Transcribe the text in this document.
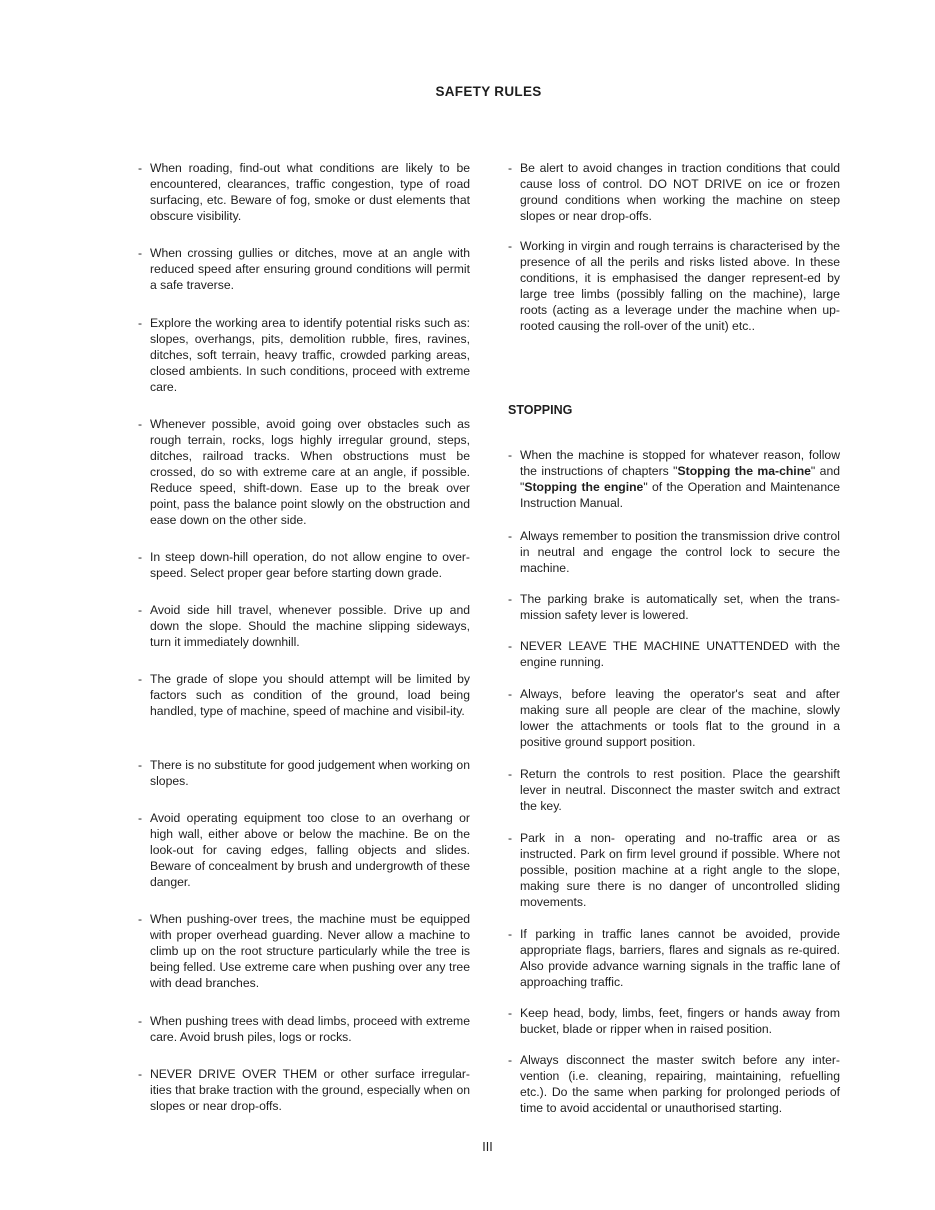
SAFETY RULES
- When roading, find-out what conditions are likely to be encountered, clearances, traffic congestion, type of road surfacing, etc. Beware of fog, smoke or dust elements that obscure visibility.
- When crossing gullies or ditches, move at an angle with reduced speed after ensuring ground conditions will permit a safe traverse.
- Explore the working area to identify potential risks such as: slopes, overhangs, pits, demolition rubble, fires, ravines, ditches, soft terrain, heavy traffic, crowded parking areas, closed ambients. In such conditions, proceed with extreme care.
- Whenever possible, avoid going over obstacles such as rough terrain, rocks, logs highly irregular ground, steps, ditches, railroad tracks. When obstructions must be crossed, do so with extreme care at an angle, if possible. Reduce speed, shift-down. Ease up to the break over point, pass the balance point slowly on the obstruction and ease down on the other side.
- In steep down-hill operation, do not allow engine to over-speed. Select proper gear before starting down grade.
- Avoid side hill travel, whenever possible. Drive up and down the slope. Should the machine slipping sideways, turn it immediately downhill.
- The grade of slope you should attempt will be limited by factors such as condition of the ground, load being handled, type of machine, speed of machine and visibil-ity.
- There is no substitute for good judgement when working on slopes.
- Avoid operating equipment too close to an overhang or high wall, either above or below the machine. Be on the look-out for caving edges, falling objects and slides. Beware of concealment by brush and undergrowth of these danger.
- When pushing-over trees, the machine must be equipped with proper overhead guarding. Never allow a machine to climb up on the root structure particularly while the tree is being felled. Use extreme care when pushing over any tree with dead branches.
- When pushing trees with dead limbs, proceed with extreme care. Avoid brush piles, logs or rocks.
- NEVER DRIVE OVER THEM or other surface irregular-ities that brake traction with the ground, especially when on slopes or near drop-offs.
- Be alert to avoid changes in traction conditions that could cause loss of control. DO NOT DRIVE on ice or frozen ground conditions when working the machine on steep slopes or near drop-offs.
- Working in virgin and rough terrains is characterised by the presence of all the perils and risks listed above. In these conditions, it is emphasised the danger represent-ed by large tree limbs (possibly falling on the machine), large roots (acting as a leverage under the machine when up-rooted causing the roll-over of the unit) etc..
STOPPING
- When the machine is stopped for whatever reason, follow the instructions of chapters "Stopping the ma-chine" and "Stopping the engine" of the Operation and Maintenance Instruction Manual.
- Always remember to position the transmission drive control in neutral and engage the control lock to secure the machine.
- The parking brake is automatically set, when the trans-mission safety lever is lowered.
- NEVER LEAVE THE MACHINE UNATTENDED with the engine running.
- Always, before leaving the operator's seat and after making sure all people are clear of the machine, slowly lower the attachments or tools flat to the ground in a positive ground support position.
- Return the controls to rest position. Place the gearshift lever in neutral. Disconnect the master switch and extract the key.
- Park in a non- operating and no-traffic area or as instructed. Park on firm level ground if possible. Where not possible, position machine at a right angle to the slope, making sure there is no danger of uncontrolled sliding movements.
- If parking in traffic lanes cannot be avoided, provide appropriate flags, barriers, flares and signals as re-quired. Also provide advance warning signals in the traffic lane of approaching traffic.
- Keep head, body, limbs, feet, fingers or hands away from bucket, blade or ripper when in raised position.
- Always disconnect the master switch before any inter-vention (i.e. cleaning, repairing, maintaining, refuelling etc.). Do the same when parking for prolonged periods of time to avoid accidental or unauthorised starting.
III
